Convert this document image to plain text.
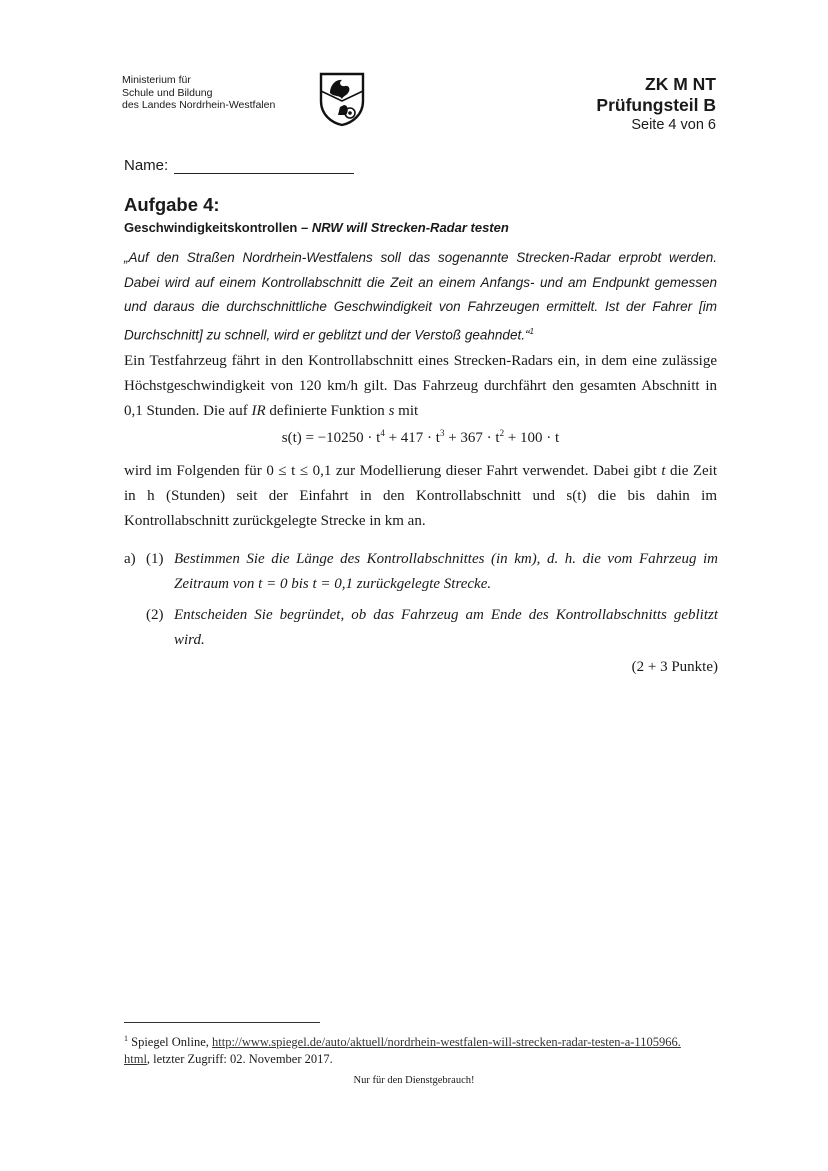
Ministerium für
Schule und Bildung
des Landes Nordrhein-Westfalen
ZK M NT
Prüfungsteil B
Seite 4 von 6
Name:
Aufgabe 4:
Geschwindigkeitskontrollen – NRW will Strecken-Radar testen
„Auf den Straßen Nordrhein-Westfalens soll das sogenannte Strecken-Radar erprobt werden. Dabei wird auf einem Kontrollabschnitt die Zeit an einem Anfangs- und am Endpunkt gemessen und daraus die durchschnittliche Geschwindigkeit von Fahrzeugen ermittelt. Ist der Fahrer [im Durchschnitt] zu schnell, wird er geblitzt und der Verstoß geahndet.“$^1$
Ein Testfahrzeug fährt in den Kontrollabschnitt eines Strecken-Radars ein, in dem eine zulässige Höchstgeschwindigkeit von 120 km/h gilt. Das Fahrzeug durchfährt den gesamten Abschnitt in 0,1 Stunden. Die auf IR definierte Funktion s mit
$s(t) = -10250 \cdot t^4 + 417 \cdot t^3 + 367 \cdot t^2 + 100 \cdot t$
wird im Folgenden für 0 ≤ t ≤ 0,1 zur Modellierung dieser Fahrt verwendet. Dabei gibt t die Zeit in h (Stunden) seit der Einfahrt in den Kontrollabschnitt und s(t) die bis dahin im Kontrollabschnitt zurückgelegte Strecke in km an.
a) (1) Bestimmen Sie die Länge des Kontrollabschnittes (in km), d. h. die vom Fahrzeug im Zeitraum von t = 0 bis t = 0,1 zurückgelegte Strecke.
(2) Entscheiden Sie begründet, ob das Fahrzeug am Ende des Kontrollabschnitts geblitzt wird.
(2 + 3 Punkte)
$^1$ Spiegel Online, http://www.spiegel.de/auto/aktuell/nordrhein-westfalen-will-strecken-radar-testen-a-1105966.html, letzter Zugriff: 02. November 2017.
Nur für den Dienstgebrauch!
